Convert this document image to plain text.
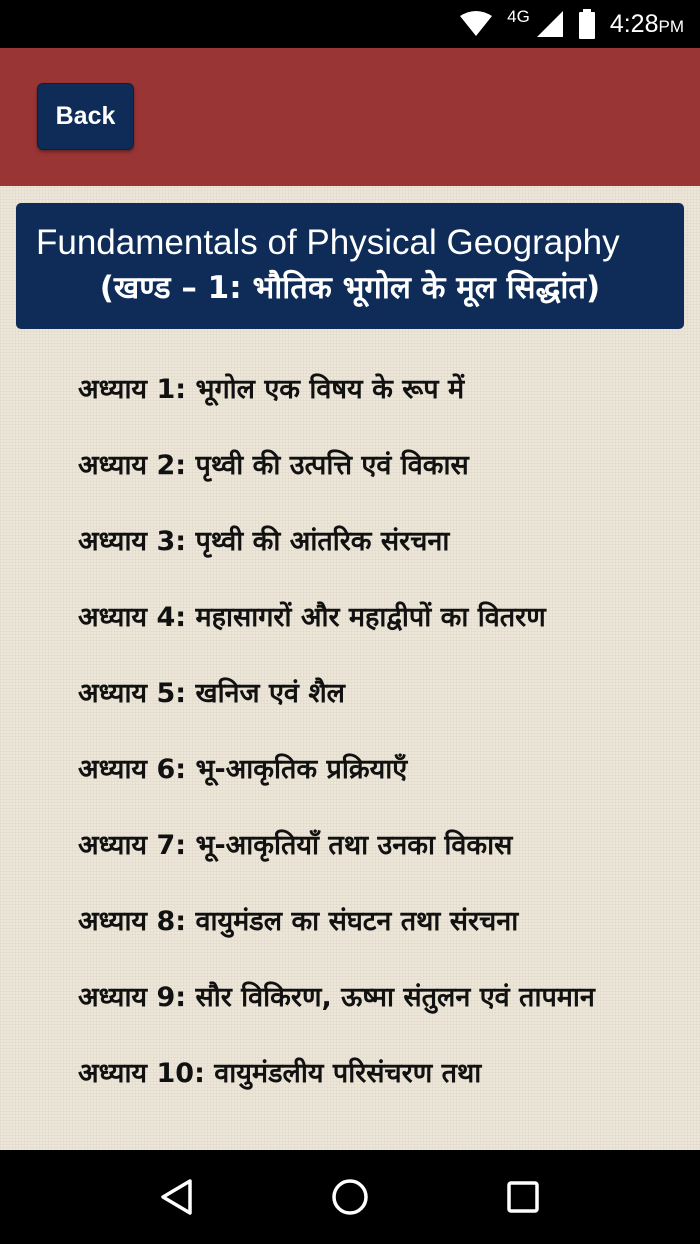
4G	4:28PM
Back
Fundamentals of Physical Geography
(खण्ड – 1: भौतिक भूगोल के मूल सिद्धांत)
अध्याय 1: भूगोल एक विषय के रूप में
अध्याय 2: पृथ्वी की उत्पत्ति एवं विकास
अध्याय 3: पृथ्वी की आंतरिक संरचना
अध्याय 4: महासागरों और महाद्वीपों का वितरण
अध्याय 5: खनिज एवं शैल
अध्याय 6: भू-आकृतिक प्रक्रियाएँ
अध्याय 7: भू-आकृतियाँ तथा उनका विकास
अध्याय 8: वायुमंडल का संघटन तथा संरचना
अध्याय 9: सौर विकिरण, ऊष्मा संतुलन एवं तापमान
अध्याय 10: वायुमंडलीय परिसंचरण तथा
